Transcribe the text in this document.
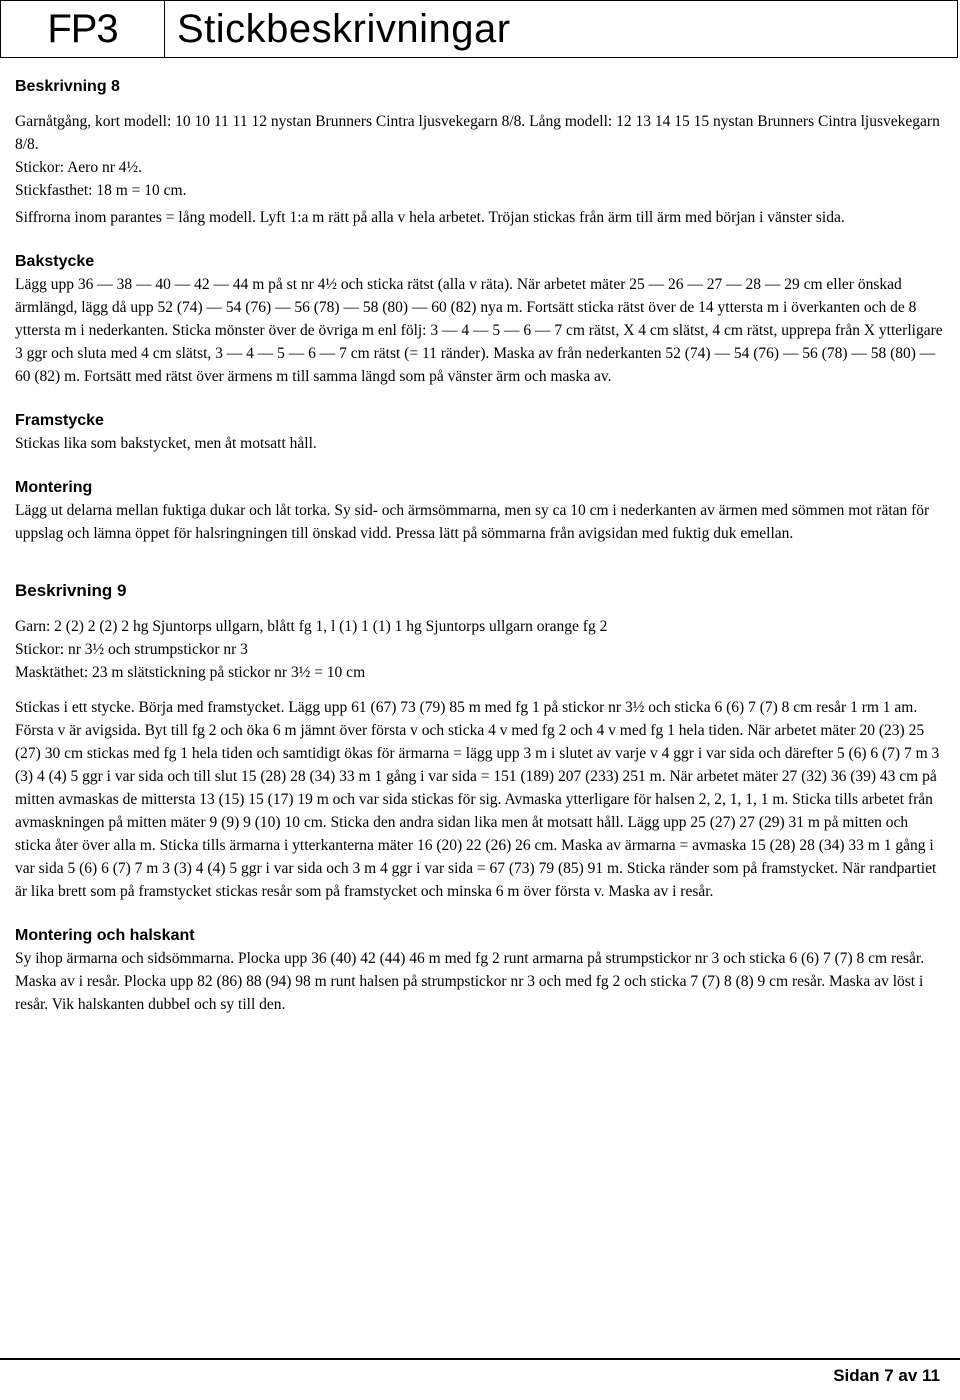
FP3	Stickbeskrivningar
Beskrivning 8

Garnåtgång, kort modell: 10 10 11 11 12 nystan Brunners Cintra ljusvekegarn 8/8. Lång modell: 12 13 14 15 15 nystan Brunners Cintra ljusvekegarn 8/8.

Stickor: Aero nr 4½.

Stickfasthet: 18 m = 10 cm.

Siffrorna inom parantes = lång modell. Lyft 1:a m rätt på alla v hela arbetet. Tröjan stickas från ärm till ärm med början i vänster sida.

Bakstycke

Lägg upp 36 — 38 — 40 — 42 — 44 m på st nr 4½ och sticka rätst (alla v räta). När arbetet mäter 25 — 26 — 27 — 28 — 29 cm eller önskad ärmlängd, lägg då upp 52 (74) — 54 (76) — 56 (78) — 58 (80) — 60 (82) nya m. Fortsätt sticka rätst över de 14 yttersta m i överkanten och de 8 yttersta m i nederkanten. Sticka mönster över de övriga m enl följ: 3 — 4 — 5 — 6 — 7 cm rätst, X 4 cm slätst, 4 cm rätst, upprepa från X ytterligare 3 ggr och sluta med 4 cm slätst, 3 — 4 — 5 — 6 — 7 cm rätst (= 11 ränder). Maska av från nederkanten 52 (74) — 54 (76) — 56 (78) — 58 (80) — 60 (82) m. Fortsätt med rätst över ärmens m till samma längd som på vänster ärm och maska av.

Framstycke

Stickas lika som bakstycket, men åt motsatt håll.

Montering

Lägg ut delarna mellan fuktiga dukar och låt torka. Sy sid- och ärmsömmarna, men sy ca 10 cm i nederkanten av ärmen med sömmen mot rätan för uppslag och lämna öppet för halsringningen till önskad vidd. Pressa lätt på sömmarna från avigsidan med fuktig duk emellan.

Beskrivning 9

Garn: 2 (2) 2 (2) 2 hg Sjuntorps ullgarn, blått fg 1, l (1) 1 (1) 1 hg Sjuntorps ullgarn orange fg 2

Stickor: nr 3½ och strumpstickor nr 3

Masktäthet: 23 m slätstickning på stickor nr 3½ = 10 cm

Stickas i ett stycke. Börja med framstycket. Lägg upp 61 (67) 73 (79) 85 m med fg 1 på stickor nr 3½ och sticka 6 (6) 7 (7) 8 cm resår 1 rm 1 am. Första v är avigsida. Byt till fg 2 och öka 6 m jämnt över första v och sticka 4 v med fg 2 och 4 v med fg 1 hela tiden. När arbetet mäter 20 (23) 25 (27) 30 cm stickas med fg 1 hela tiden och samtidigt ökas för ärmarna = lägg upp 3 m i slutet av varje v 4 ggr i var sida och därefter 5 (6) 6 (7) 7 m 3 (3) 4 (4) 5 ggr i var sida och till slut 15 (28) 28 (34) 33 m 1 gång i var sida = 151 (189) 207 (233) 251 m. När arbetet mäter 27 (32) 36 (39) 43 cm på mitten avmaskas de mittersta 13 (15) 15 (17) 19 m och var sida stickas för sig. Avmaska ytterligare för halsen 2, 2, 1, 1, 1 m. Sticka tills arbetet från avmaskningen på mitten mäter 9 (9) 9 (10) 10 cm. Sticka den andra sidan lika men åt motsatt håll. Lägg upp 25 (27) 27 (29) 31 m på mitten och sticka åter över alla m. Sticka tills ärmarna i ytterkanterna mäter 16 (20) 22 (26) 26 cm. Maska av ärmarna = avmaska 15 (28) 28 (34) 33 m 1 gång i var sida 5 (6) 6 (7) 7 m 3 (3) 4 (4) 5 ggr i var sida och 3 m 4 ggr i var sida = 67 (73) 79 (85) 91 m. Sticka ränder som på framstycket. När randpartiet är lika brett som på framstycket stickas resår som på framstycket och minska 6 m över första v. Maska av i resår.

Montering och halskant

Sy ihop ärmarna och sidsömmarna. Plocka upp 36 (40) 42 (44) 46 m med fg 2 runt armarna på strumpstickor nr 3 och sticka 6 (6) 7 (7) 8 cm resår. Maska av i resår. Plocka upp 82 (86) 88 (94) 98 m runt halsen på strumpstickor nr 3 och med fg 2 och sticka 7 (7) 8 (8) 9 cm resår. Maska av löst i resår. Vik halskanten dubbel och sy till den.

Sidan 7 av 11
